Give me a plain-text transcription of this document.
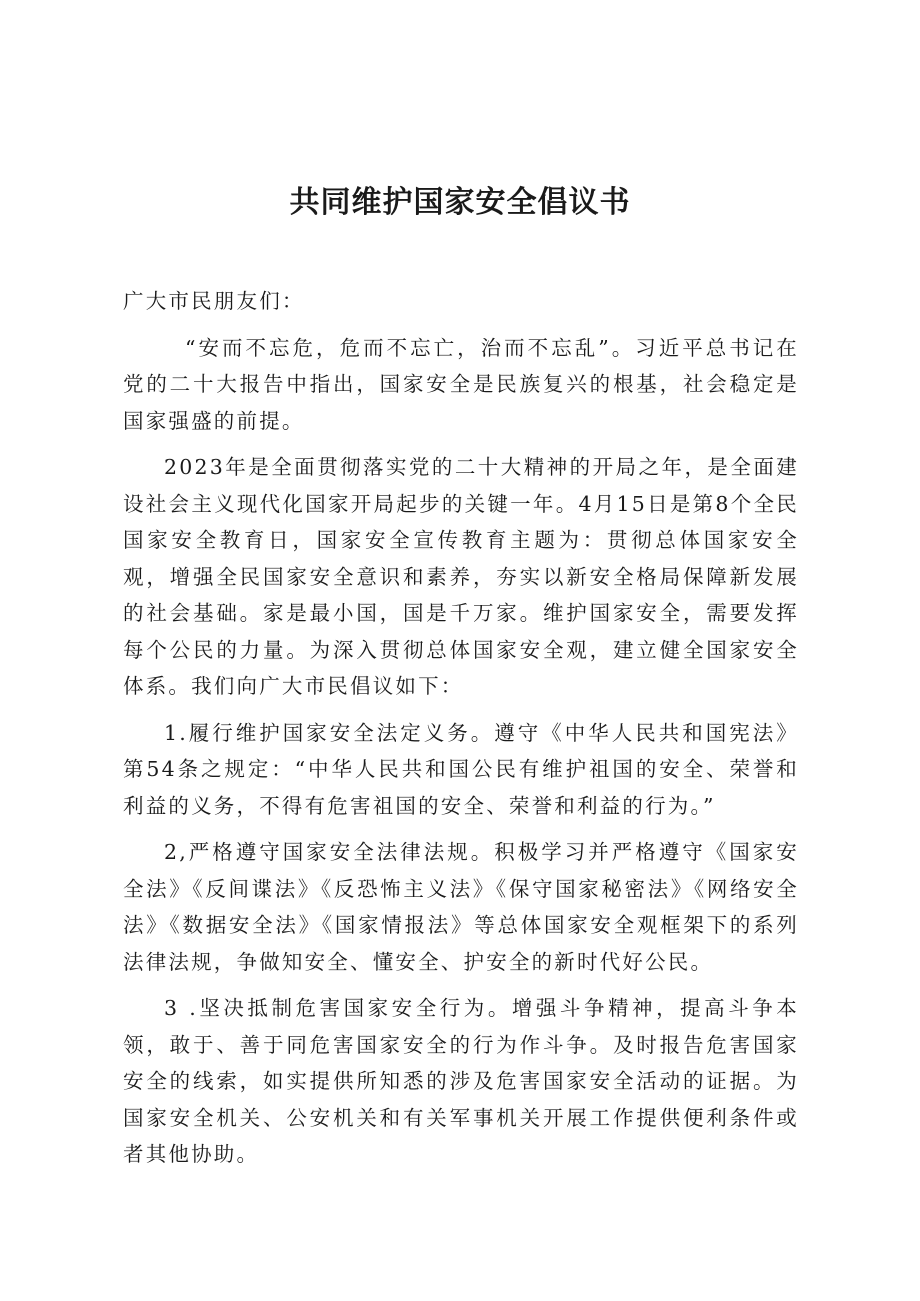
共同维护国家安全倡议书

广大市民朋友们：

“安而不忘危，危而不忘亡，治而不忘乱”。习近平总书记在党的二十大报告中指出，国家安全是民族复兴的根基，社会稳定是国家强盛的前提。

2023年是全面贯彻落实党的二十大精神的开局之年，是全面建设社会主义现代化国家开局起步的关键一年。4月15日是第8个全民国家安全教育日，国家安全宣传教育主题为：贯彻总体国家安全观，增强全民国家安全意识和素养，夯实以新安全格局保障新发展的社会基础。家是最小国，国是千万家。维护国家安全，需要发挥每个公民的力量。为深入贯彻总体国家安全观，建立健全国家安全体系。我们向广大市民倡议如下：

1.履行维护国家安全法定义务。遵守《中华人民共和国宪法》第54条之规定：“中华人民共和国公民有维护祖国的安全、荣誉和利益的义务，不得有危害祖国的安全、荣誉和利益的行为。”

2,严格遵守国家安全法律法规。积极学习并严格遵守《国家安全法》《反间谍法》《反恐怖主义法》《保守国家秘密法》《网络安全法》《数据安全法》《国家情报法》等总体国家安全观框架下的系列法律法规，争做知安全、懂安全、护安全的新时代好公民。

3 .坚决抵制危害国家安全行为。增强斗争精神，提高斗争本领，敢于、善于同危害国家安全的行为作斗争。及时报告危害国家安全的线索，如实提供所知悉的涉及危害国家安全活动的证据。为国家安全机关、公安机关和有关军事机关开展工作提供便利条件或者其他协助。
